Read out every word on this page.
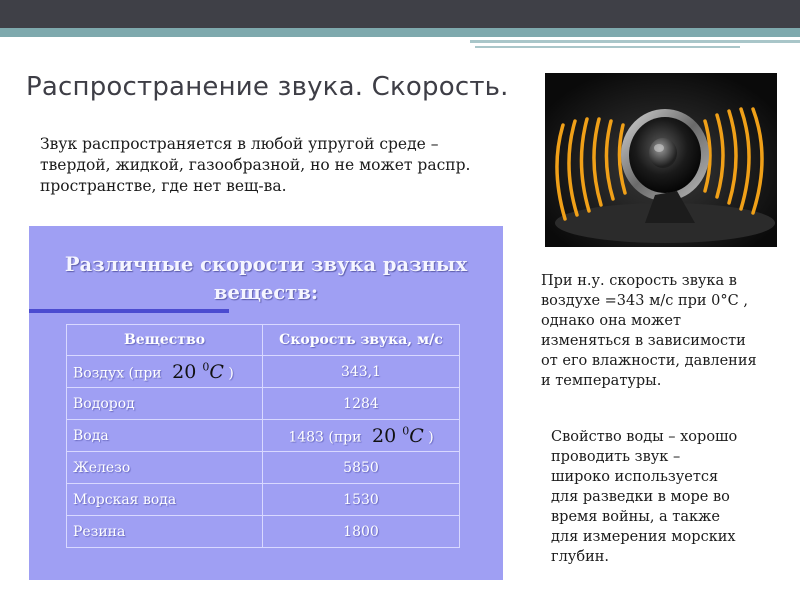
Распространение звука. Скорость.
Звук распространяется в любой упругой среде –
твердой, жидкой, газообразной, но не может распр.
пространстве, где нет вещ-ва.
Различные скорости звука разных
веществ:
Вещество	Скорость звука, м/с
Воздух (при 20 $^0$C )	343,1
Водород	1284
Вода	1483 (при 20 $^0$C )
Железо	5850
Морская вода	1530
Резина	1800
При н.у. скорость звука в
воздухе =343 м/с при 0°C ,
однако она может
изменяться в зависимости
от его влажности, давления
и температуры.
Свойство воды – хорошо
проводить звук –
широко используется
для разведки в море во
время войны, а также
для измерения морских
глубин.
